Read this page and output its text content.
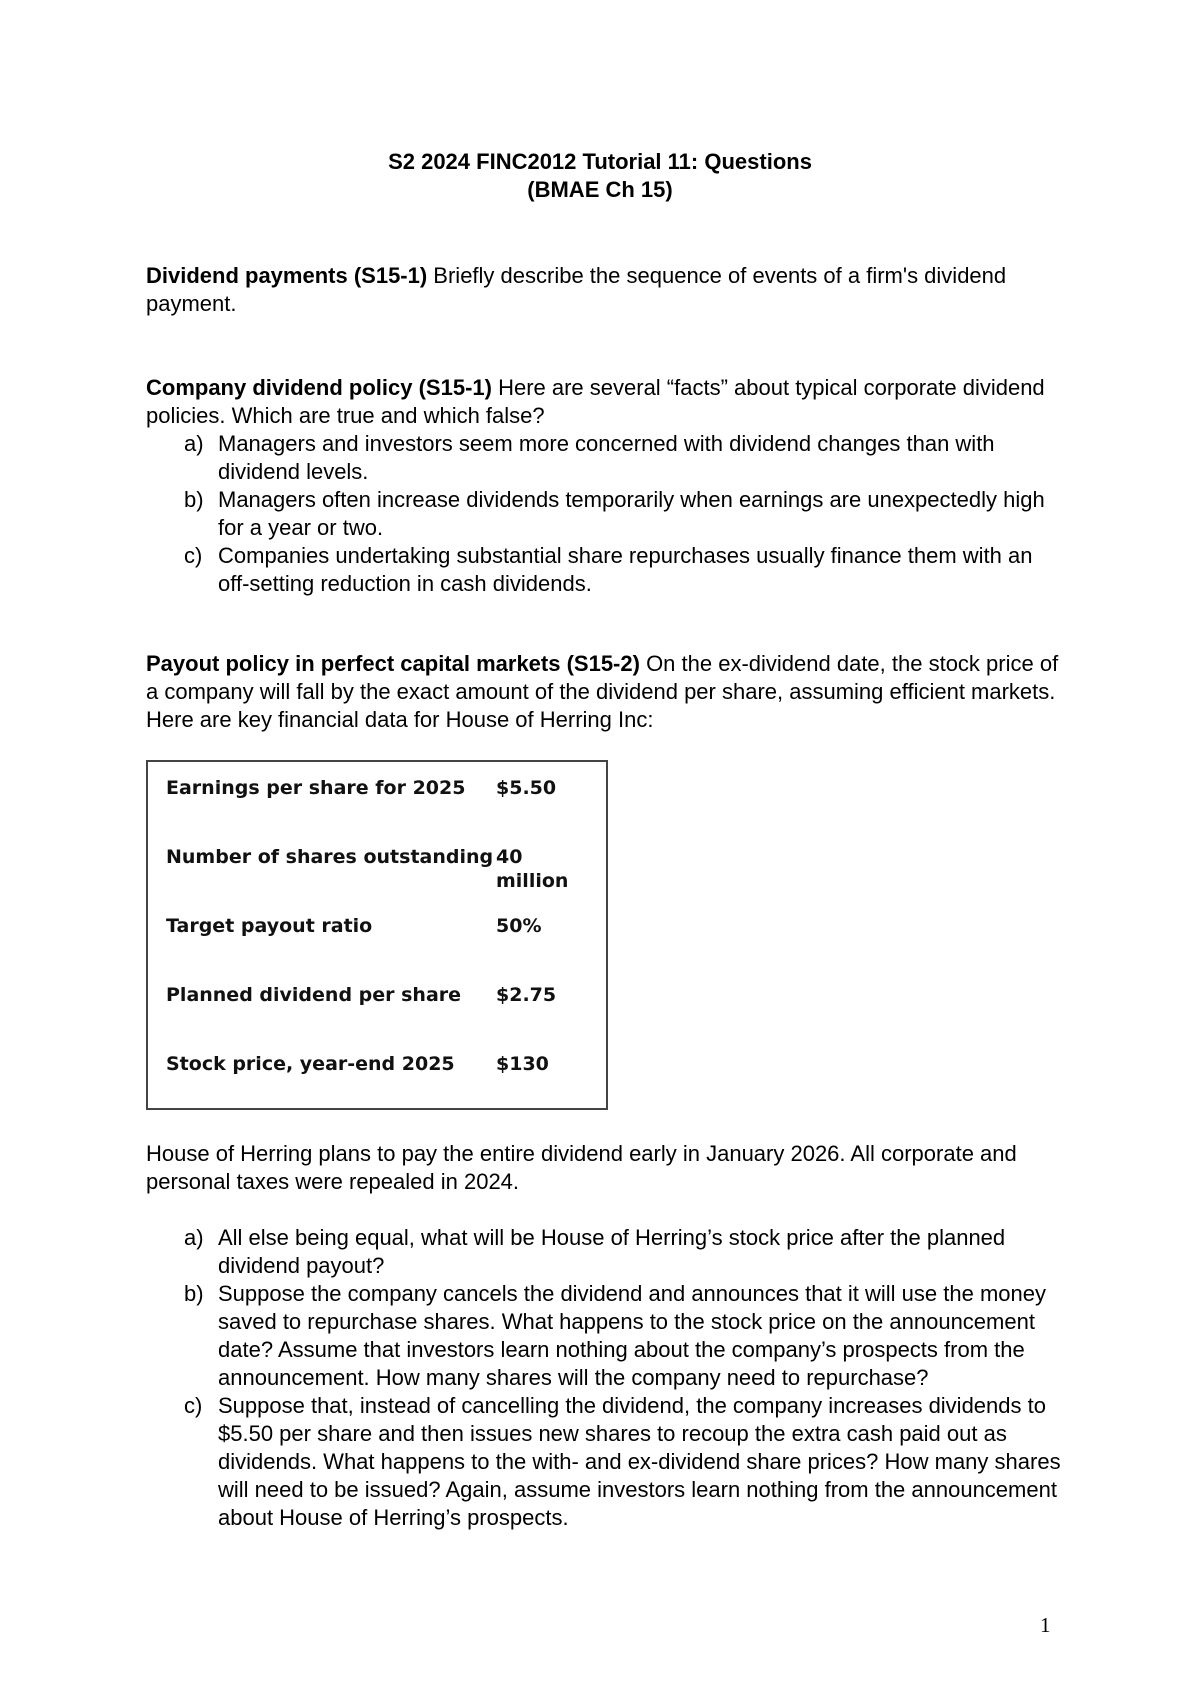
S2 2024 FINC2012 Tutorial 11: Questions
(BMAE Ch 15)

Dividend payments (S15-1) Briefly describe the sequence of events of a firm's dividend payment.

Company dividend policy (S15-1) Here are several “facts” about typical corporate dividend policies. Which are true and which false?

a) Managers and investors seem more concerned with dividend changes than with dividend levels.
b) Managers often increase dividends temporarily when earnings are unexpectedly high for a year or two.
c) Companies undertaking substantial share repurchases usually finance them with an off-setting reduction in cash dividends.

Payout policy in perfect capital markets (S15-2) On the ex-dividend date, the stock price of a company will fall by the exact amount of the dividend per share, assuming efficient markets. Here are key financial data for House of Herring Inc:

Earnings per share for 2025 $5.50
Number of shares outstanding 40 million
Target payout ratio	50%
Planned dividend per share $2.75
Stock price, year-end 2025 $130

House of Herring plans to pay the entire dividend early in January 2026. All corporate and personal taxes were repealed in 2024.

a) All else being equal, what will be House of Herring’s stock price after the planned dividend payout?
b) Suppose the company cancels the dividend and announces that it will use the money saved to repurchase shares. What happens to the stock price on the announcement date? Assume that investors learn nothing about the company’s prospects from the announcement. How many shares will the company need to repurchase?
c) Suppose that, instead of cancelling the dividend, the company increases dividends to $5.50 per share and then issues new shares to recoup the extra cash paid out as dividends. What happens to the with- and ex-dividend share prices? How many shares will need to be issued? Again, assume investors learn nothing from the announcement about House of Herring’s prospects.
1
